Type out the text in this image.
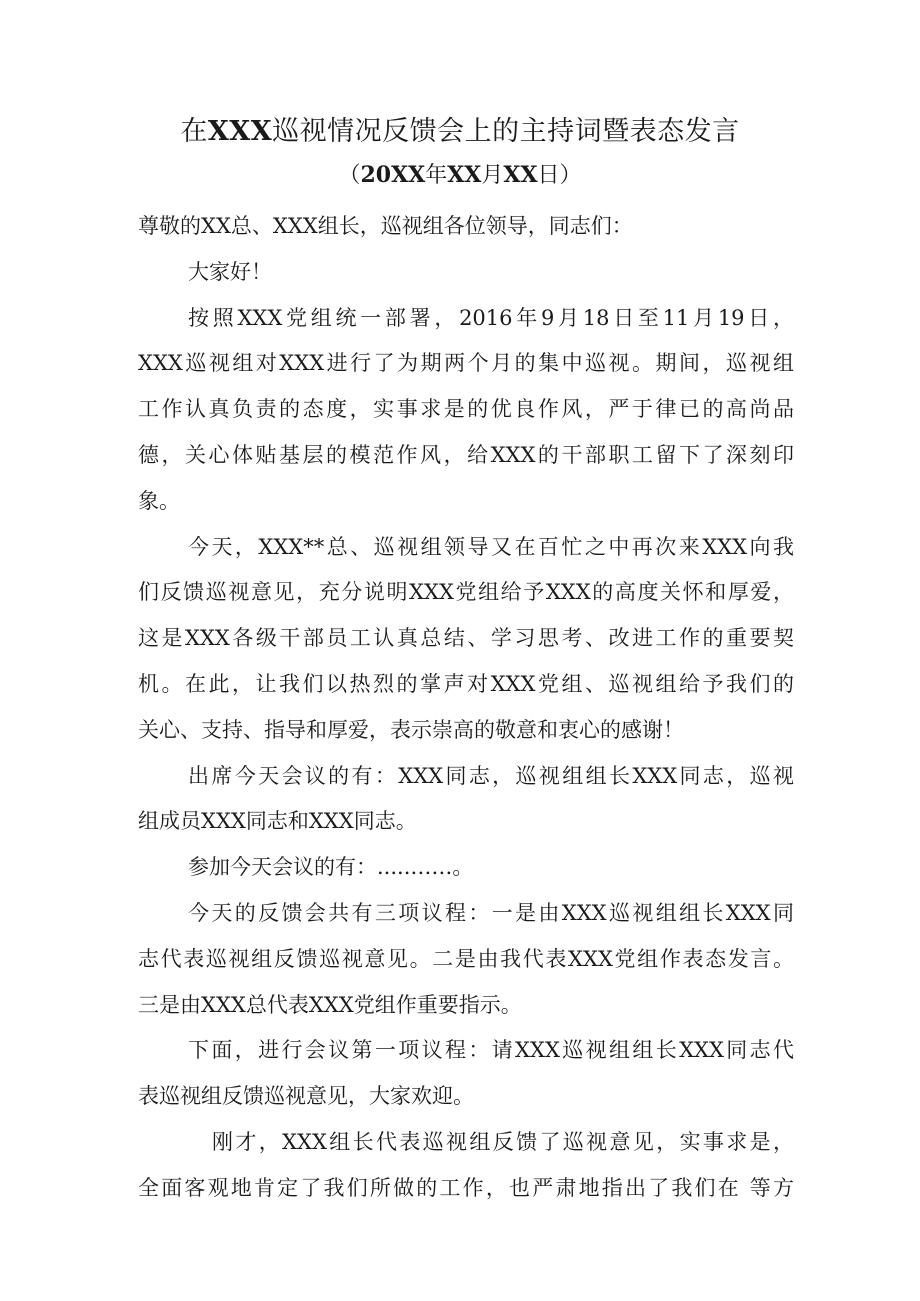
在XXX巡视情况反馈会上的主持词暨表态发言
（20XX年XX月XX日）

尊敬的XX总、XXX组长，巡视组各位领导，同志们：

大家好！

按照XXX党组统一部署，2016年9月18日至11月19日，
XXX巡视组对XXX进行了为期两个月的集中巡视。期间，巡视组
工作认真负责的态度，实事求是的优良作风，严于律已的高尚品
德，关心体贴基层的模范作风，给XXX的干部职工留下了深刻印
象。

今天，XXX**总、巡视组领导又在百忙之中再次来XXX向我
们反馈巡视意见，充分说明XXX党组给予XXX的高度关怀和厚爱，
这是XXX各级干部员工认真总结、学习思考、改进工作的重要契
机。在此，让我们以热烈的掌声对XXX党组、巡视组给予我们的
关心、支持、指导和厚爱，表示崇高的敬意和衷心的感谢！

出席今天会议的有：XXX同志，巡视组组长XXX同志，巡视
组成员XXX同志和XXX同志。

参加今天会议的有：.....……。

今天的反馈会共有三项议程：一是由XXX巡视组组长XXX同
志代表巡视组反馈巡视意见。二是由我代表XXX党组作表态发言。
三是由XXX总代表XXX党组作重要指示。

下面，进行会议第一项议程：请XXX巡视组组长XXX同志代
表巡视组反馈巡视意见，大家欢迎。

刚才，XXX组长代表巡视组反馈了巡视意见，实事求是，
全面客观地肯定了我们所做的工作，也严肃地指出了我们在 等方
